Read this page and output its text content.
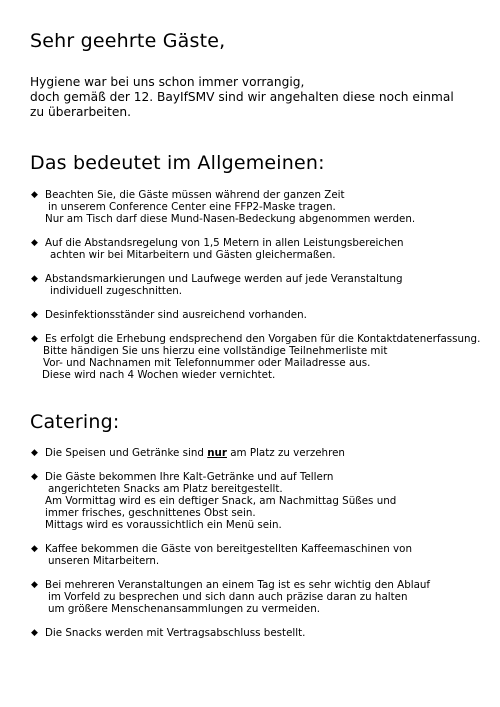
Sehr geehrte Gäste,
Hygiene war bei uns schon immer vorrangig,
doch gemäß der 12. BayIfSMV sind wir angehalten diese noch einmal
zu überarbeiten.
Das bedeutet im Allgemeinen:
◆ Beachten Sie, die Gäste müssen während der ganzen Zeit
in unserem Conference Center eine FFP2-Maske tragen.
Nur am Tisch darf diese Mund-Nasen-Bedeckung abgenommen werden.
◆ Auf die Abstandsregelung von 1,5 Metern in allen Leistungsbereichen
achten wir bei Mitarbeitern und Gästen gleichermaßen.
◆ Abstandsmarkierungen und Laufwege werden auf jede Veranstaltung
individuell zugeschnitten.
◆ Desinfektionsständer sind ausreichend vorhanden.
◆ Es erfolgt die Erhebung endsprechend den Vorgaben für die Kontaktdatenerfassung.
Bitte händigen Sie uns hierzu eine vollständige Teilnehmerliste mit
Vor- und Nachnamen mit Telefonnummer oder Mailadresse aus.
Diese wird nach 4 Wochen wieder vernichtet.
Catering:
◆ Die Speisen und Getränke sind nur am Platz zu verzehren
◆ Die Gäste bekommen Ihre Kalt-Getränke und auf Tellern
angerichteten Snacks am Platz bereitgestellt.
Am Vormittag wird es ein deftiger Snack, am Nachmittag Süßes und
immer frisches, geschnittenes Obst sein.
Mittags wird es voraussichtlich ein Menü sein.
◆ Kaffee bekommen die Gäste von bereitgestellten Kaffeemaschinen von
unseren Mitarbeitern.
◆ Bei mehreren Veranstaltungen an einem Tag ist es sehr wichtig den Ablauf
im Vorfeld zu besprechen und sich dann auch präzise daran zu halten
um größere Menschenansammlungen zu vermeiden.
◆ Die Snacks werden mit Vertragsabschluss bestellt.
